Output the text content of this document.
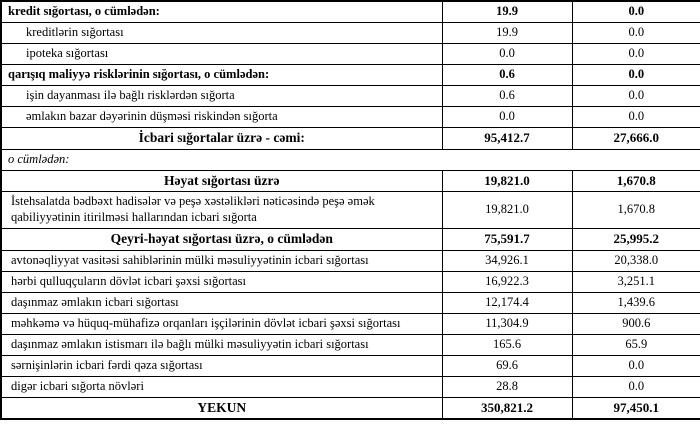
kredit sığortası, o cümlədən:	19.9	0.0
kreditlərin sığortası	19.9	0.0
ipoteka sığortası	0.0	0.0
qarışıq maliyyə risklərinin sığortası, o cümlədən:	0.6	0.0
işin dayanması ilə bağlı risklərdən sığorta	0.6	0.0
əmlakın bazar dəyərinin düşməsi riskindən sığorta	0.0	0.0
İcbari sığortalar üzrə - cəmi:	95,412.7	27,666.0
o cümlədən:		
Həyat sığortası üzrə	19,821.0	1,670.8
İstehsalatda bədbəxt hadisələr və peşə xəstəlikləri nəticəsində peşə əmək qabiliyyətinin itirilməsi hallarından icbari sığorta	19,821.0	1,670.8
Qeyri-həyat sığortası üzrə, o cümlədən	75,591.7	25,995.2
avtonəqliyyat vasitəsi sahiblərinin mülki məsuliyyətinin icbari sığortası	34,926.1	20,338.0
hərbi qulluqçuların dövlət icbari şəxsi sığortası	16,922.3	3,251.1
daşınmaz əmlakın icbari sığortası	12,174.4	1,439.6
məhkəmə və hüquq-mühafizə orqanları işçilərinin dövlət icbari şəxsi sığortası	11,304.9	900.6
daşınmaz əmlakın istismarı ilə bağlı mülki məsuliyyətin icbari sığortası	165.6	65.9
sərnişinlərin icbari fərdi qəza sığortası	69.6	0.0
digər icbari sığorta növləri	28.8	0.0
YEKUN	350,821.2	97,450.1
